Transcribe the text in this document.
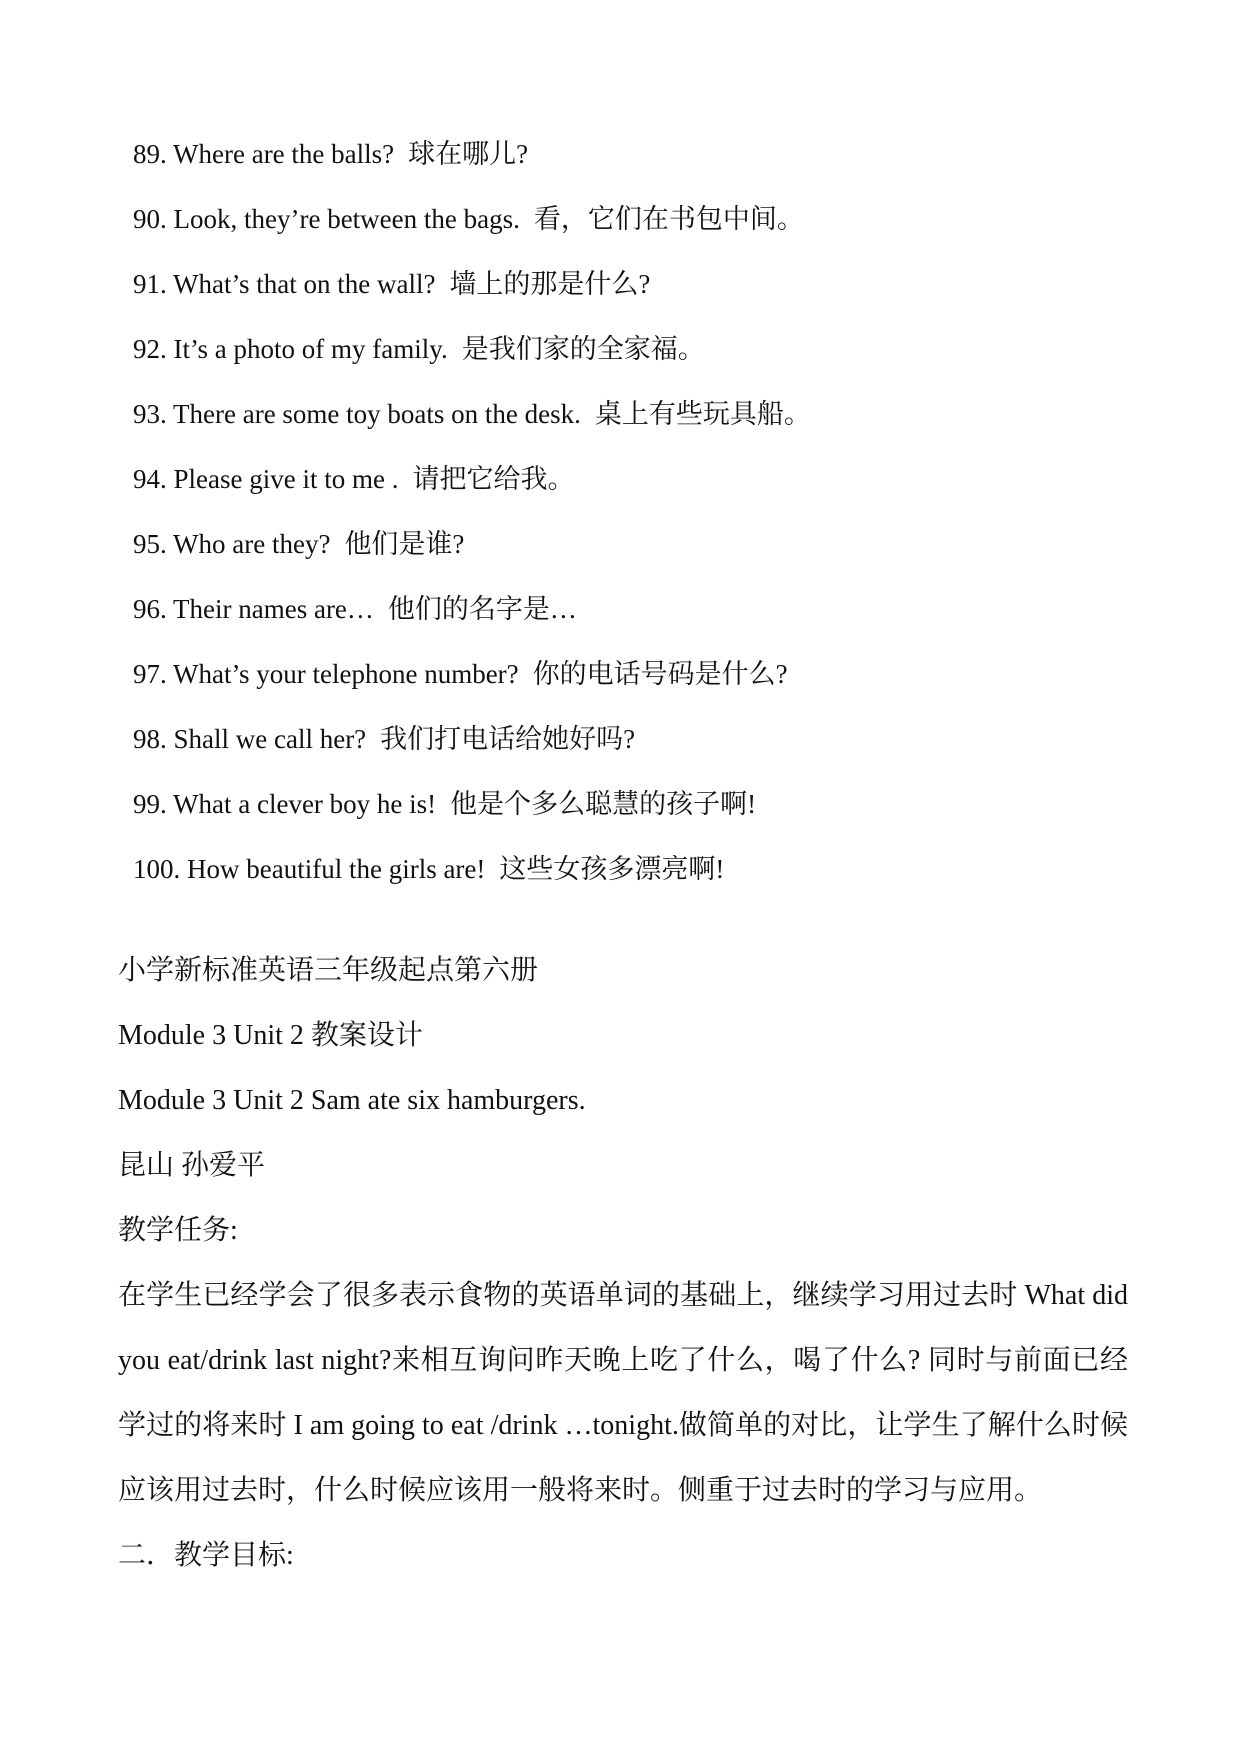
89. Where are the balls? 球在哪儿?
90. Look, they’re between the bags. 看，它们在书包中间。
91. What’s that on the wall? 墙上的那是什么?
92. It’s a photo of my family. 是我们家的全家福。
93. There are some toy boats on the desk. 桌上有些玩具船。
94. Please give it to me . 请把它给我。
95. Who are they? 他们是谁?
96. Their names are… 他们的名字是…
97. What’s your telephone number? 你的电话号码是什么?
98. Shall we call her? 我们打电话给她好吗?
99. What a clever boy he is! 他是个多么聪慧的孩子啊!
100. How beautiful the girls are! 这些女孩多漂亮啊!
小学新标准英语三年级起点第六册
Module 3 Unit 2 教案设计
Module 3 Unit 2 Sam ate six hamburgers.
昆山 孙爱平
教学任务:

在学生已经学会了很多表示食物的英语单词的基础上，继续学习用过去时 What did you eat/drink last night?来相互询问昨天晚上吃了什么，喝了什么? 同时与前面已经学过的将来时 I am going to eat /drink …tonight.做简单的对比，让学生了解什么时候应该用过去时，什么时候应该用一般将来时。侧重于过去时的学习与应用。

二．教学目标:
